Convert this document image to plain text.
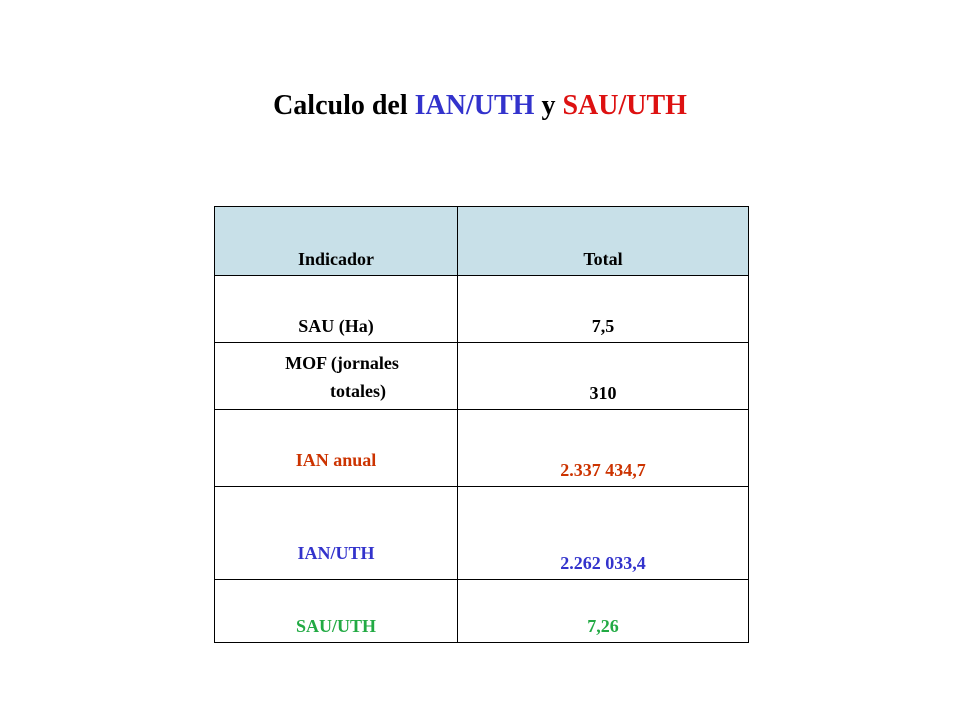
Calculo del IAN/UTH y SAU/UTH
Indicador	Total
SAU (Ha)	7,5

MOF (jornales
totales)	310
IAN anual	2.337 434,7
IAN/UTH	2.262 033,4
SAU/UTH	7,26
